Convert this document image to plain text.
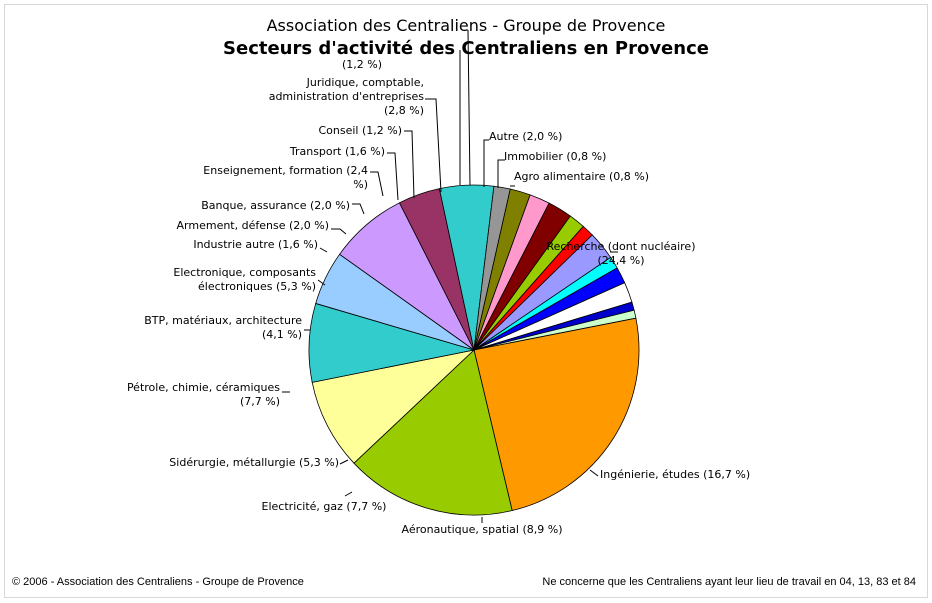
Association des Centraliens - Groupe de Provence
Secteurs d'activité des Centraliens en Provence
Agro alimentaire (0,8 %)
Recherche (dont nucléaire) (24,4 %)
Ingénierie, études (16,7 %)
Aéronautique, spatial (8,9 %)
Electricité, gaz (7,7 %)
Sidérurgie, métallurgie (5,3 %)
Pétrole, chimie, céramiques (7,7 %)
BTP, matériaux, architecture (4,1 %)
Electronique, composants électroniques (5,3 %)
Industrie autre (1,6 %)
Armement, défense (2,0 %)
Banque, assurance (2,0 %)
Enseignement, formation (2,4 %)
Transport (1,6 %)
Conseil (1,2 %)
Juridique, comptable, administration d'entreprises (2,8 %)
(1,2 %)
Autre (2,0 %)
Immobilier (0,8 %)
© 2006 - Association des Centraliens - Groupe de Provence	Ne concerne que les Centraliens ayant leur lieu de travail en 04, 13, 83 et 84
